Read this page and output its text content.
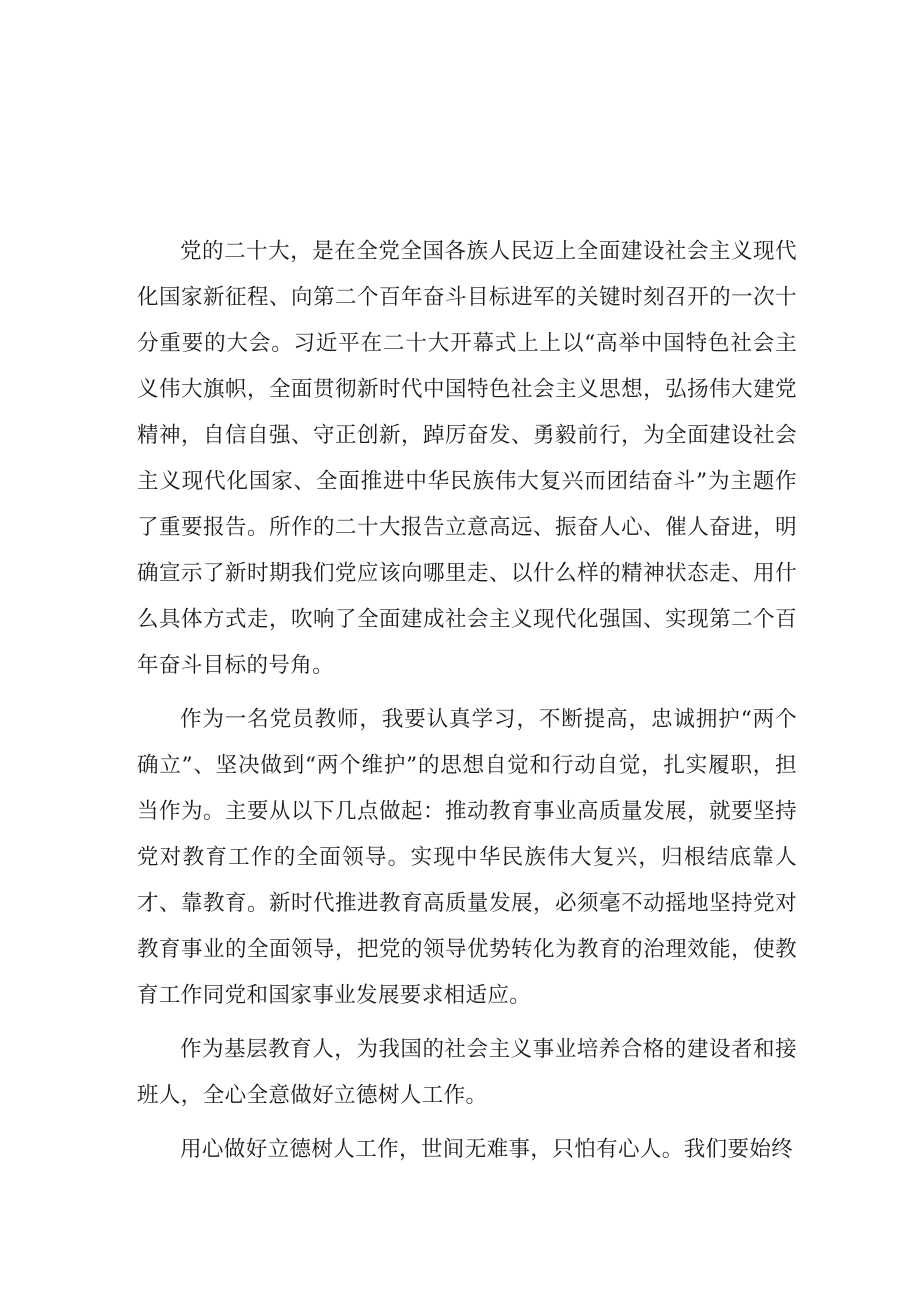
党的二十大，是在全党全国各族人民迈上全面建设社会主义现代化国家新征程、向第二个百年奋斗目标进军的关键时刻召开的一次十分重要的大会。习近平在二十大开幕式上上以“高举中国特色社会主义伟大旗帜，全面贯彻新时代中国特色社会主义思想，弘扬伟大建党精神，自信自强、守正创新，踔厉奋发、勇毅前行，为全面建设社会主义现代化国家、全面推进中华民族伟大复兴而团结奋斗”为主题作了重要报告。所作的二十大报告立意高远、振奋人心、催人奋进，明确宣示了新时期我们党应该向哪里走、以什么样的精神状态走、用什么具体方式走，吹响了全面建成社会主义现代化强国、实现第二个百年奋斗目标的号角。

作为一名党员教师，我要认真学习，不断提高，忠诚拥护“两个确立”、坚决做到“两个维护”的思想自觉和行动自觉，扎实履职，担当作为。主要从以下几点做起：推动教育事业高质量发展，就要坚持党对教育工作的全面领导。实现中华民族伟大复兴，归根结底靠人才、靠教育。新时代推进教育高质量发展，必须毫不动摇地坚持党对教育事业的全面领导，把党的领导优势转化为教育的治理效能，使教育工作同党和国家事业发展要求相适应。

作为基层教育人，为我国的社会主义事业培养合格的建设者和接班人，全心全意做好立德树人工作。

用心做好立德树人工作，世间无难事，只怕有心人。我们要始终
